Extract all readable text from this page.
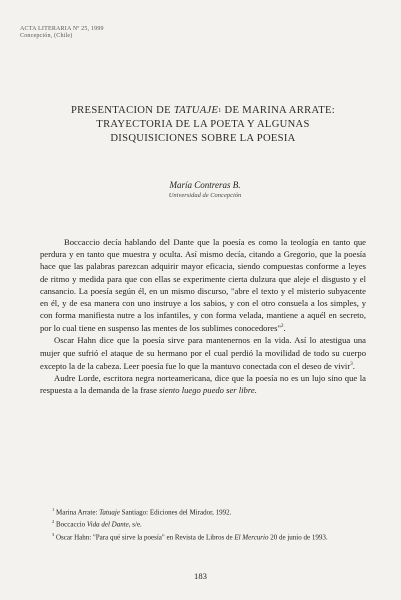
ACTA LITERARIA Nº 25, 1999
Concepción, (Chile)
PRESENTACION DE TATUAJE$^1$ DE MARINA ARRATE:
TRAYECTORIA DE LA POETA Y ALGUNAS
DISQUISICIONES SOBRE LA POESIA
María Contreras B.
Universidad de Concepción

Boccaccio decía hablando del Dante que la poesía es como la teología en tanto que perdura y en tanto que muestra y oculta. Así mismo decía, citando a Gregorio, que la poesía hace que las palabras parezcan adquirir mayor eficacia, siendo compuestas conforme a leyes de ritmo y medida para que con ellas se experimente cierta dulzura que aleje el disgusto y el cansancio. La poesía según él, en un mismo discurso, "abre el texto y el misterio subyacente en él, y de esa manera con uno instruye a los sabios, y con el otro consuela a los simples, y con forma manifiesta nutre a los infantiles, y con forma velada, mantiene a aquél en secreto, por lo cual tiene en suspenso las mentes de los sublimes conocedores"$^2$.

Oscar Hahn dice que la poesía sirve para mantenernos en la vida. Así lo atestigua una mujer que sufrió el ataque de su hermano por el cual perdió la movilidad de todo su cuerpo excepto la de la cabeza. Leer poesía fue lo que la mantuvo conectada con el deseo de vivir$^3$.

Audre Lorde, escritora negra norteamericana, dice que la poesía no es un lujo sino que la respuesta a la demanda de la frase siento luego puedo ser libre.

$^1$ Marina Arrate: Tatuaje Santiago: Ediciones del Mirador, 1992.

$^2$ Boccaccio Vida del Dante, s/e.

$^3$ Oscar Hahn: "Para qué sirve la poesía" en Revista de Libros de El Mercurio 20 de junio de 1993.

183
